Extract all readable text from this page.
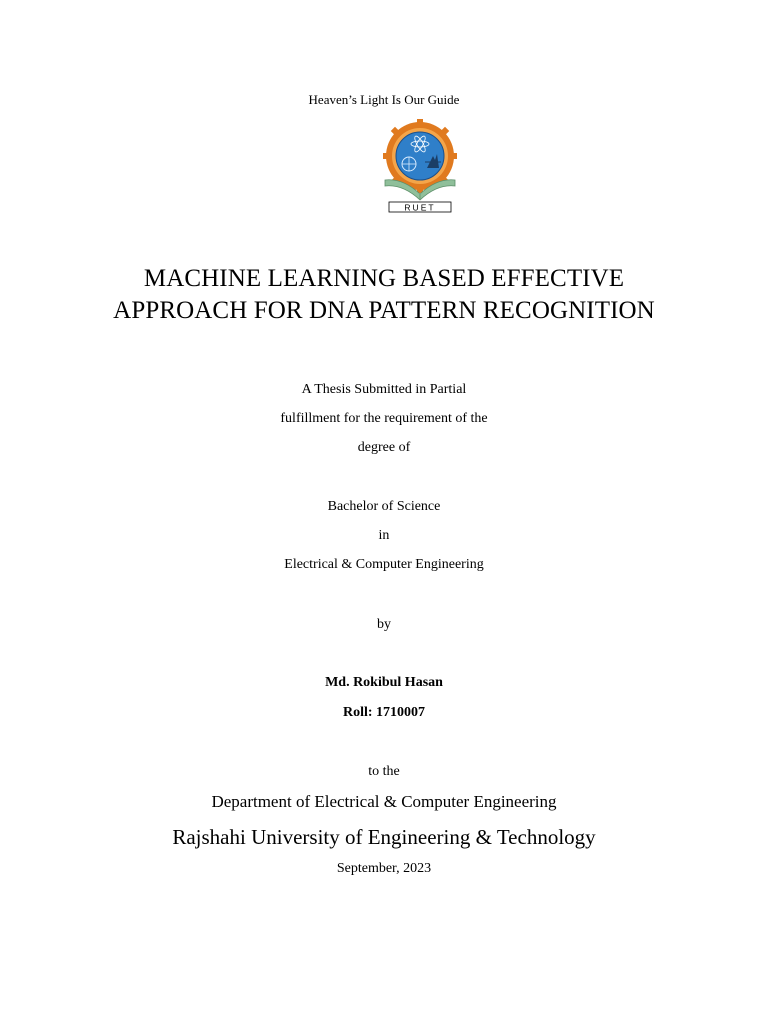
Heaven’s Light Is Our Guide
RUET
MACHINE LEARNING BASED EFFECTIVE
APPROACH FOR DNA PATTERN RECOGNITION
A Thesis Submitted in Partial
fulfillment for the requirement of the
degree of
Bachelor of Science
in
Electrical & Computer Engineering
by
Md. Rokibul Hasan
Roll: 1710007
to the
Department of Electrical & Computer Engineering
Rajshahi University of Engineering & Technology
September, 2023
